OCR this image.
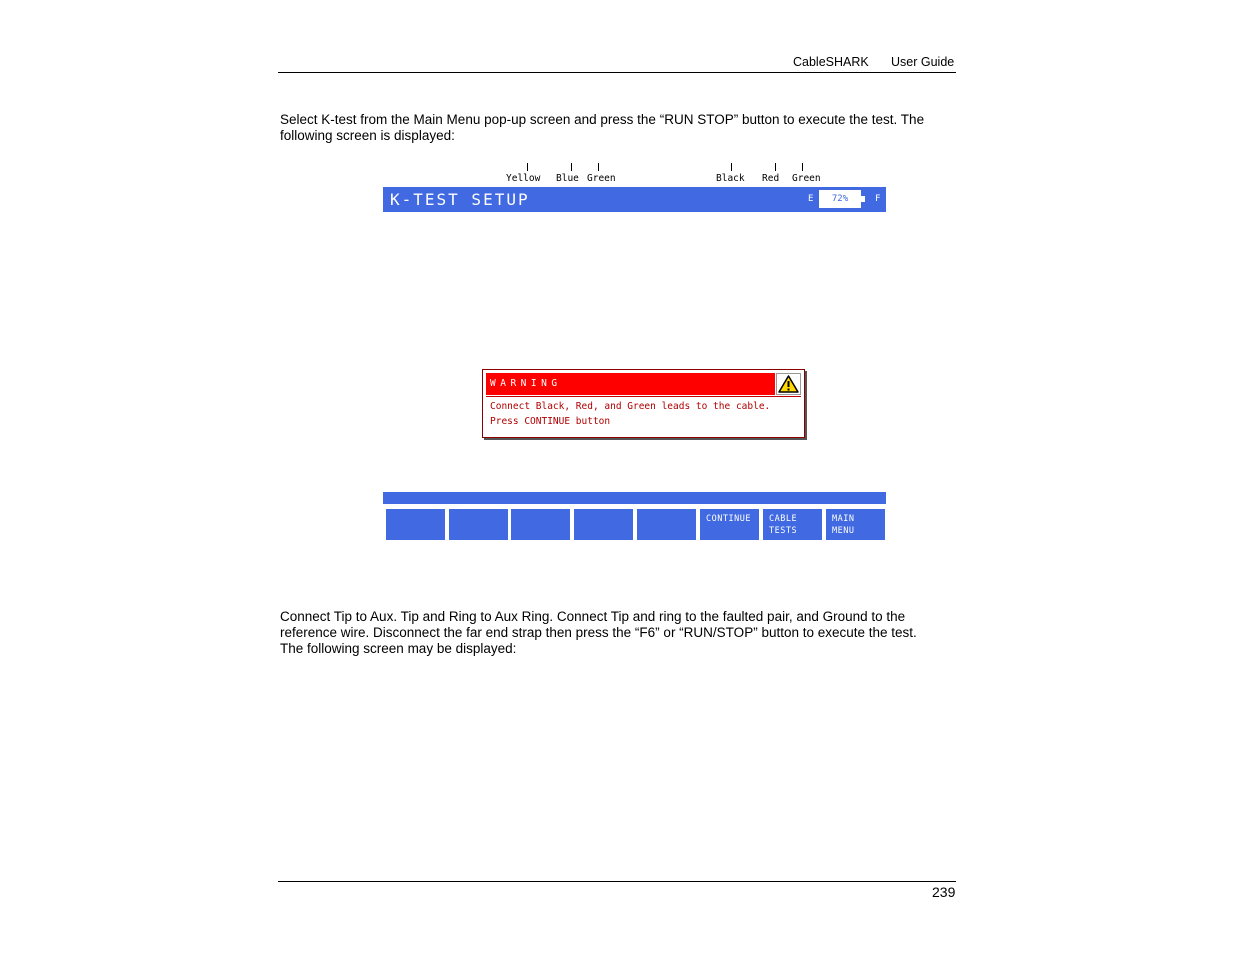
CableSHARK User Guide
Select K-test from the Main Menu pop-up screen and press the “RUN STOP” button to execute the test. The
following screen is displayed:
Yellow Blue Green	Black Red Green
K-TEST SETUP	E	72%	F
WARNING
Connect Black, Red, and Green leads to the cable.
Press CONTINUE button
CONTINUE CABLE
TESTS
MAIN
MENU
Connect Tip to Aux. Tip and Ring to Aux Ring. Connect Tip and ring to the faulted pair, and Ground to the
reference wire. Disconnect the far end strap then press the “F6” or “RUN/STOP” button to execute the test.
The following screen may be displayed:
239
